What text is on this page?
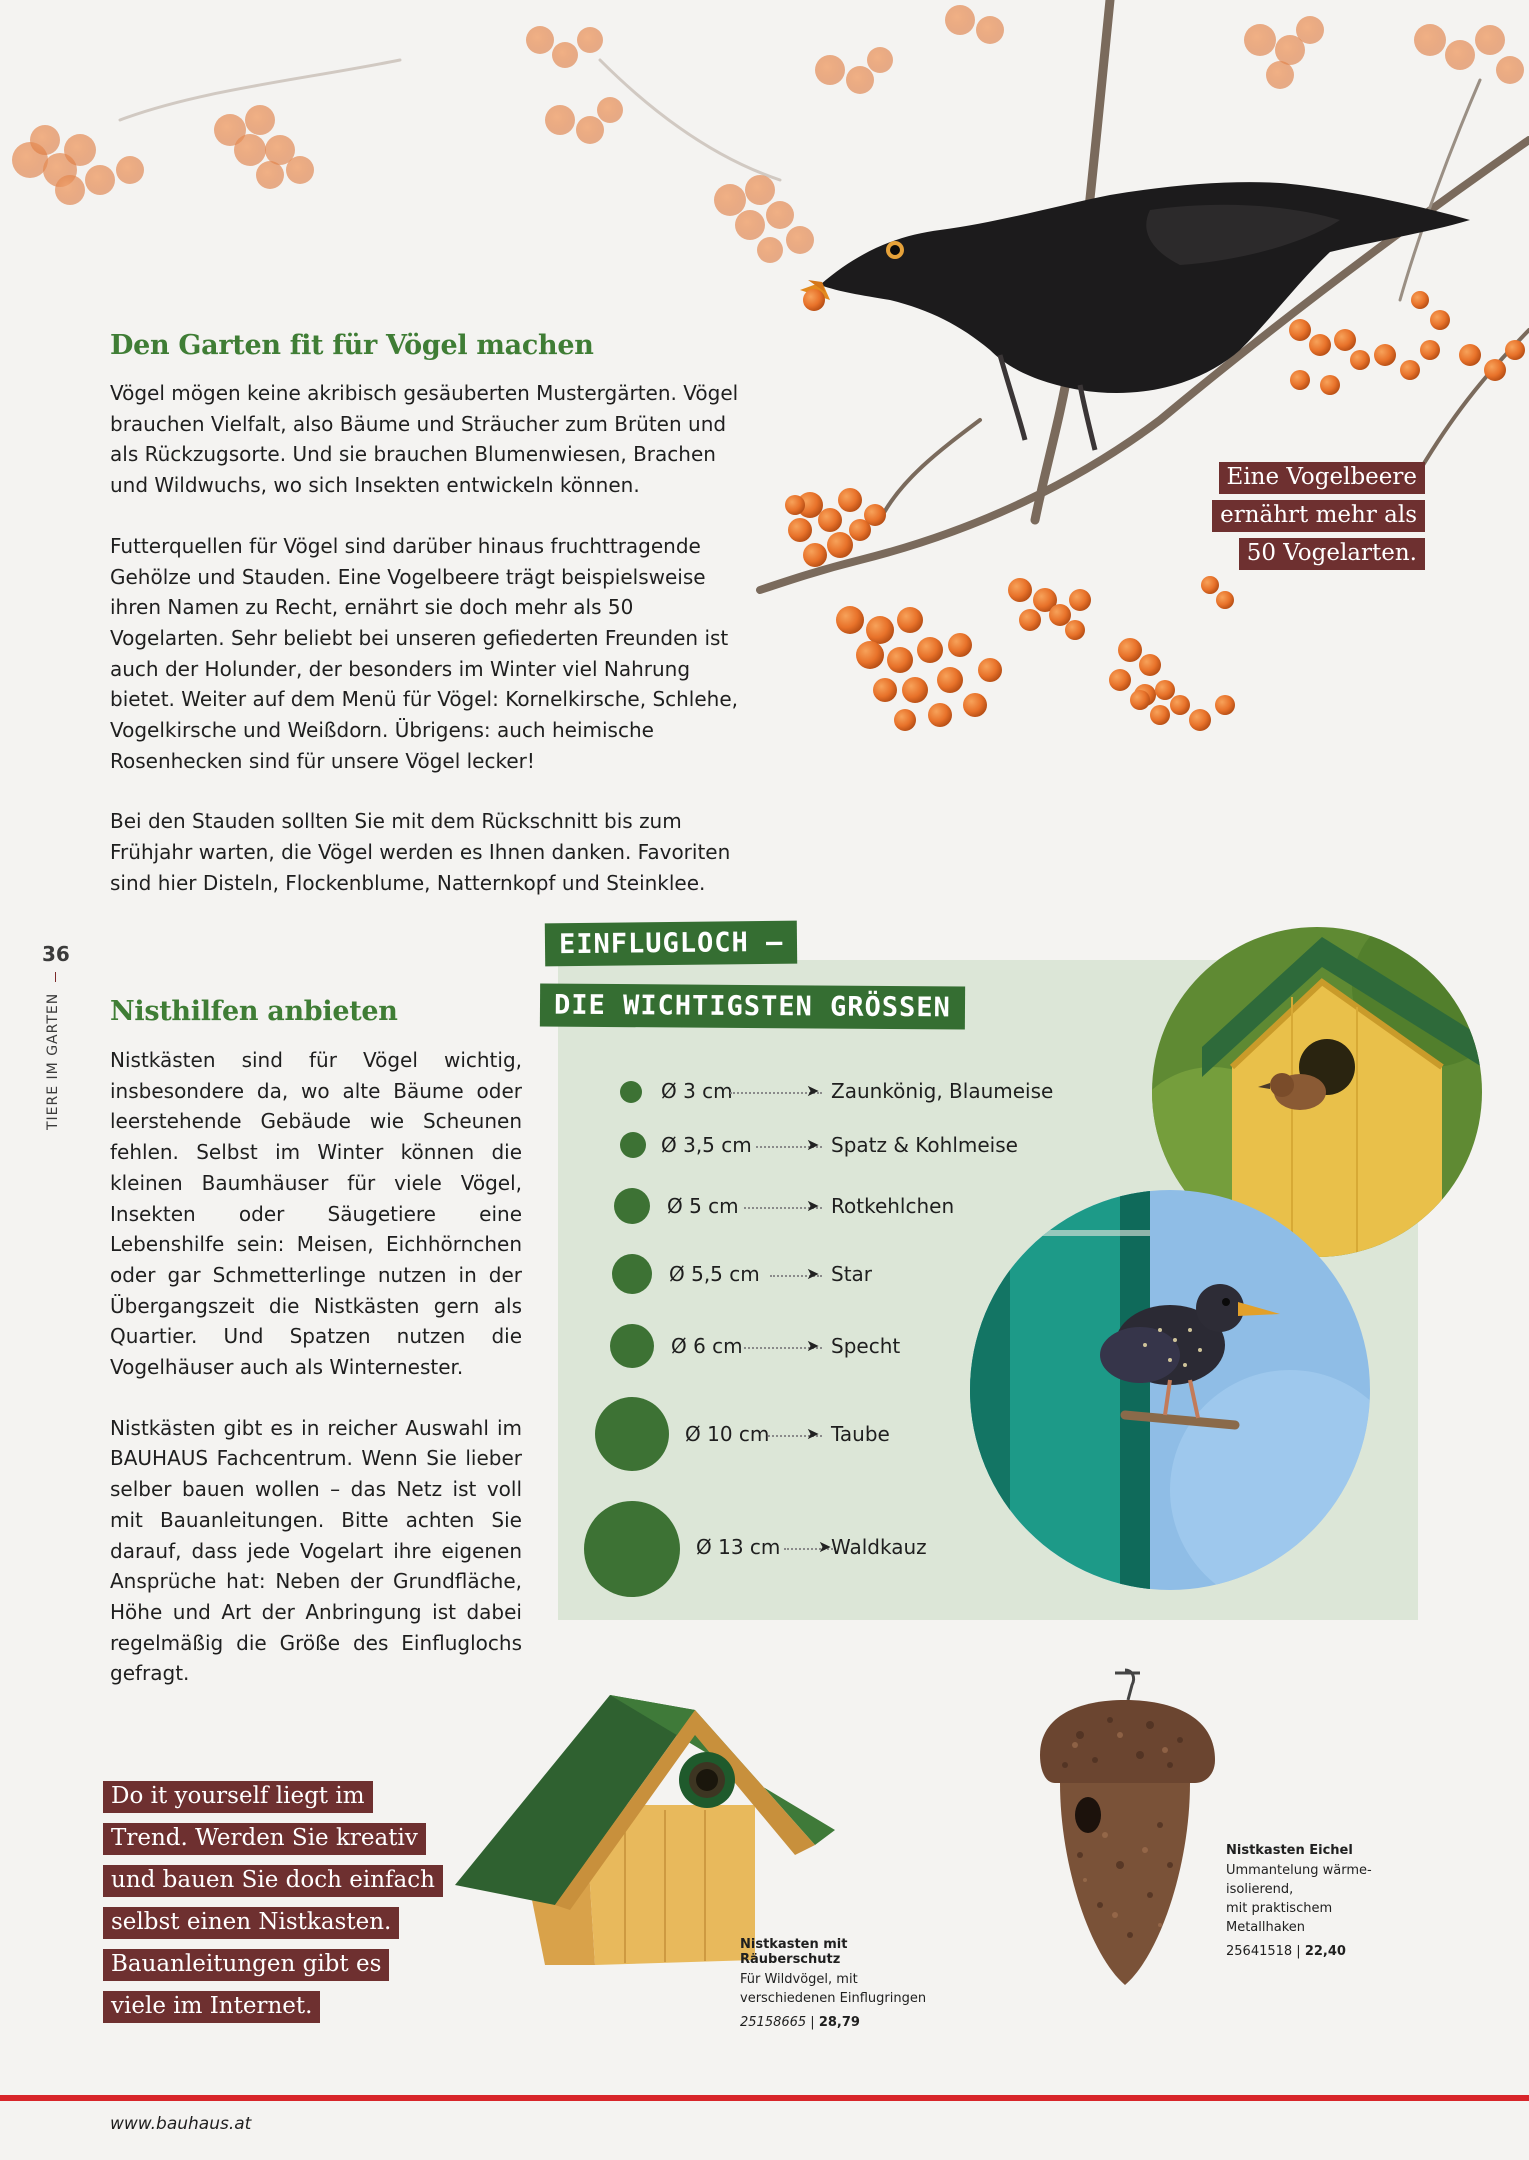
Den Garten fit für Vögel machen

Vögel mögen keine akribisch gesäuberten Mustergärten. Vögel brauchen Vielfalt, also Bäume und Sträucher zum Brüten und als Rückzugsorte. Und sie brauchen Blumenwiesen, Brachen und Wildwuchs, wo sich Insekten entwickeln können.

Futterquellen für Vögel sind darüber hinaus fruchttragende Gehölze und Stauden. Eine Vogelbeere trägt beispielsweise ihren Namen zu Recht, ernährt sie doch mehr als 50 Vogelarten. Sehr beliebt bei unseren gefiederten Freunden ist auch der Holunder, der besonders im Winter viel Nahrung bietet. Weiter auf dem Menü für Vögel: Kornelkirsche, Schlehe, Vogelkirsche und Weißdorn. Übrigens: auch heimische Rosenhecken sind für unsere Vögel lecker!

Bei den Stauden sollten Sie mit dem Rückschnitt bis zum Frühjahr warten, die Vögel werden es Ihnen danken. Favoriten sind hier Disteln, Flockenblume, Natternkopf und Steinklee.

Eine Vogelbeere
ernährt mehr als
50 Vogelarten.
36
TIERE IM GARTEN Nisthilfen anbieten

Nistkästen sind für Vögel wichtig, insbesondere da, wo alte Bäume oder leerstehende Gebäude wie Scheunen fehlen. Selbst im Winter können die kleinen Baumhäuser für viele Vögel, Insekten oder Säugetiere eine Lebenshilfe sein: Meisen, Eichhörnchen oder gar Schmetterlinge nutzen in der Übergangszeit die Nistkästen gern als Quartier. Und Spatzen nutzen die Vogelhäuser auch als Winternester.

Nistkästen gibt es in reicher Auswahl im BAUHAUS Fachcentrum. Wenn Sie lieber selber bauen wollen – das Netz ist voll mit Bauanleitungen. Bitte achten Sie darauf, dass jede Vogelart ihre eigenen Ansprüche hat: Neben der Grundfläche, Höhe und Art der Anbringung ist dabei regelmäßig die Größe des Einfluglochs gefragt.

EINFLUGLOCH –
DIE WICHTIGSTEN GRÖSSEN
Ø 3 cm	➤ Zaunkönig, Blaumeise
Ø 3,5 cm	➤ Spatz & Kohlmeise
Ø 5 cm	➤ Rotkehlchen
Ø 5,5 cm	➤ Star
Ø 6 cm	➤ Specht
Ø 10 cm ➤ Taube
Ø 13 cm ➤ Waldkauz
Do it yourself liegt im
Trend. Werden Sie kreativ
und bauen Sie doch einfach
selbst einen Nistkasten.
Bauanleitungen gibt es
viele im Internet.
Nistkasten mit Räuberschutz
Für Wildvögel, mit
verschiedenen Einflugringen
25158665 | 28,79
Nistkasten Eichel
Ummantelung wärme-
isolierend,
mit praktischem
Metallhaken
25641518 | 22,40
www.bauhaus.at
